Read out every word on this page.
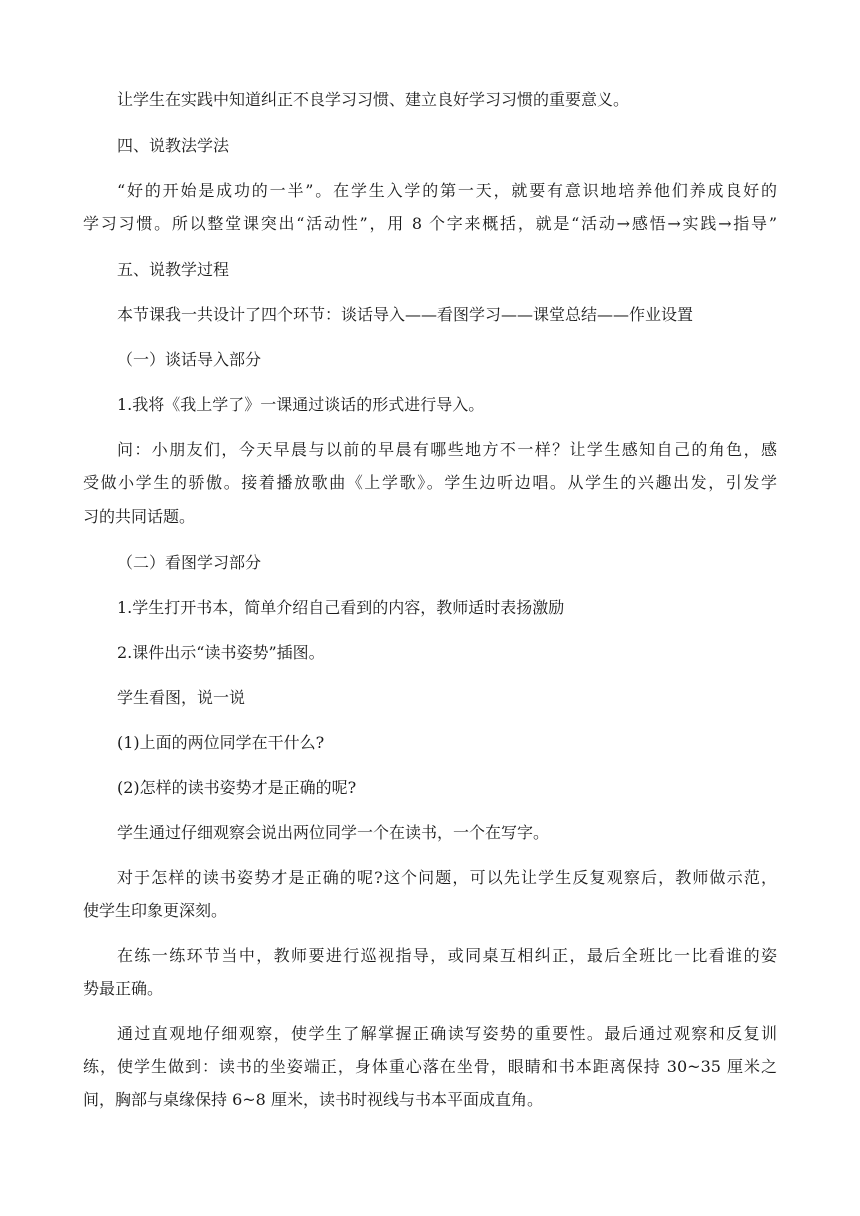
让学生在实践中知道纠正不良学习习惯、建立良好学习习惯的重要意义。
四、说教法学法
“好的开始是成功的一半”。在学生入学的第一天，就要有意识地培养他们养成良好的
学习习惯。所以整堂课突出“活动性”，用 8 个字来概括，就是“活动→感悟→实践→指导”
五、说教学过程
本节课我一共设计了四个环节：谈话导入——看图学习——课堂总结——作业设置
（一）谈话导入部分
1.我将《我上学了》一课通过谈话的形式进行导入。
问：小朋友们，今天早晨与以前的早晨有哪些地方不一样？让学生感知自己的角色，感
受做小学生的骄傲。接着播放歌曲《上学歌》。学生边听边唱。从学生的兴趣出发，引发学
习的共同话题。
（二）看图学习部分
1.学生打开书本，简单介绍自己看到的内容，教师适时表扬激励
2.课件出示“读书姿势”插图。
学生看图，说一说
(1)上面的两位同学在干什么?
(2)怎样的读书姿势才是正确的呢?
学生通过仔细观察会说出两位同学一个在读书，一个在写字。
对于怎样的读书姿势才是正确的呢?这个问题，可以先让学生反复观察后，教师做示范，
使学生印象更深刻。
在练一练环节当中，教师要进行巡视指导，或同桌互相纠正，最后全班比一比看谁的姿
势最正确。
通过直观地仔细观察，使学生了解掌握正确读写姿势的重要性。最后通过观察和反复训
练，使学生做到：读书的坐姿端正，身体重心落在坐骨，眼睛和书本距离保持 30~35 厘米之
间，胸部与桌缘保持 6~8 厘米，读书时视线与书本平面成直角。
